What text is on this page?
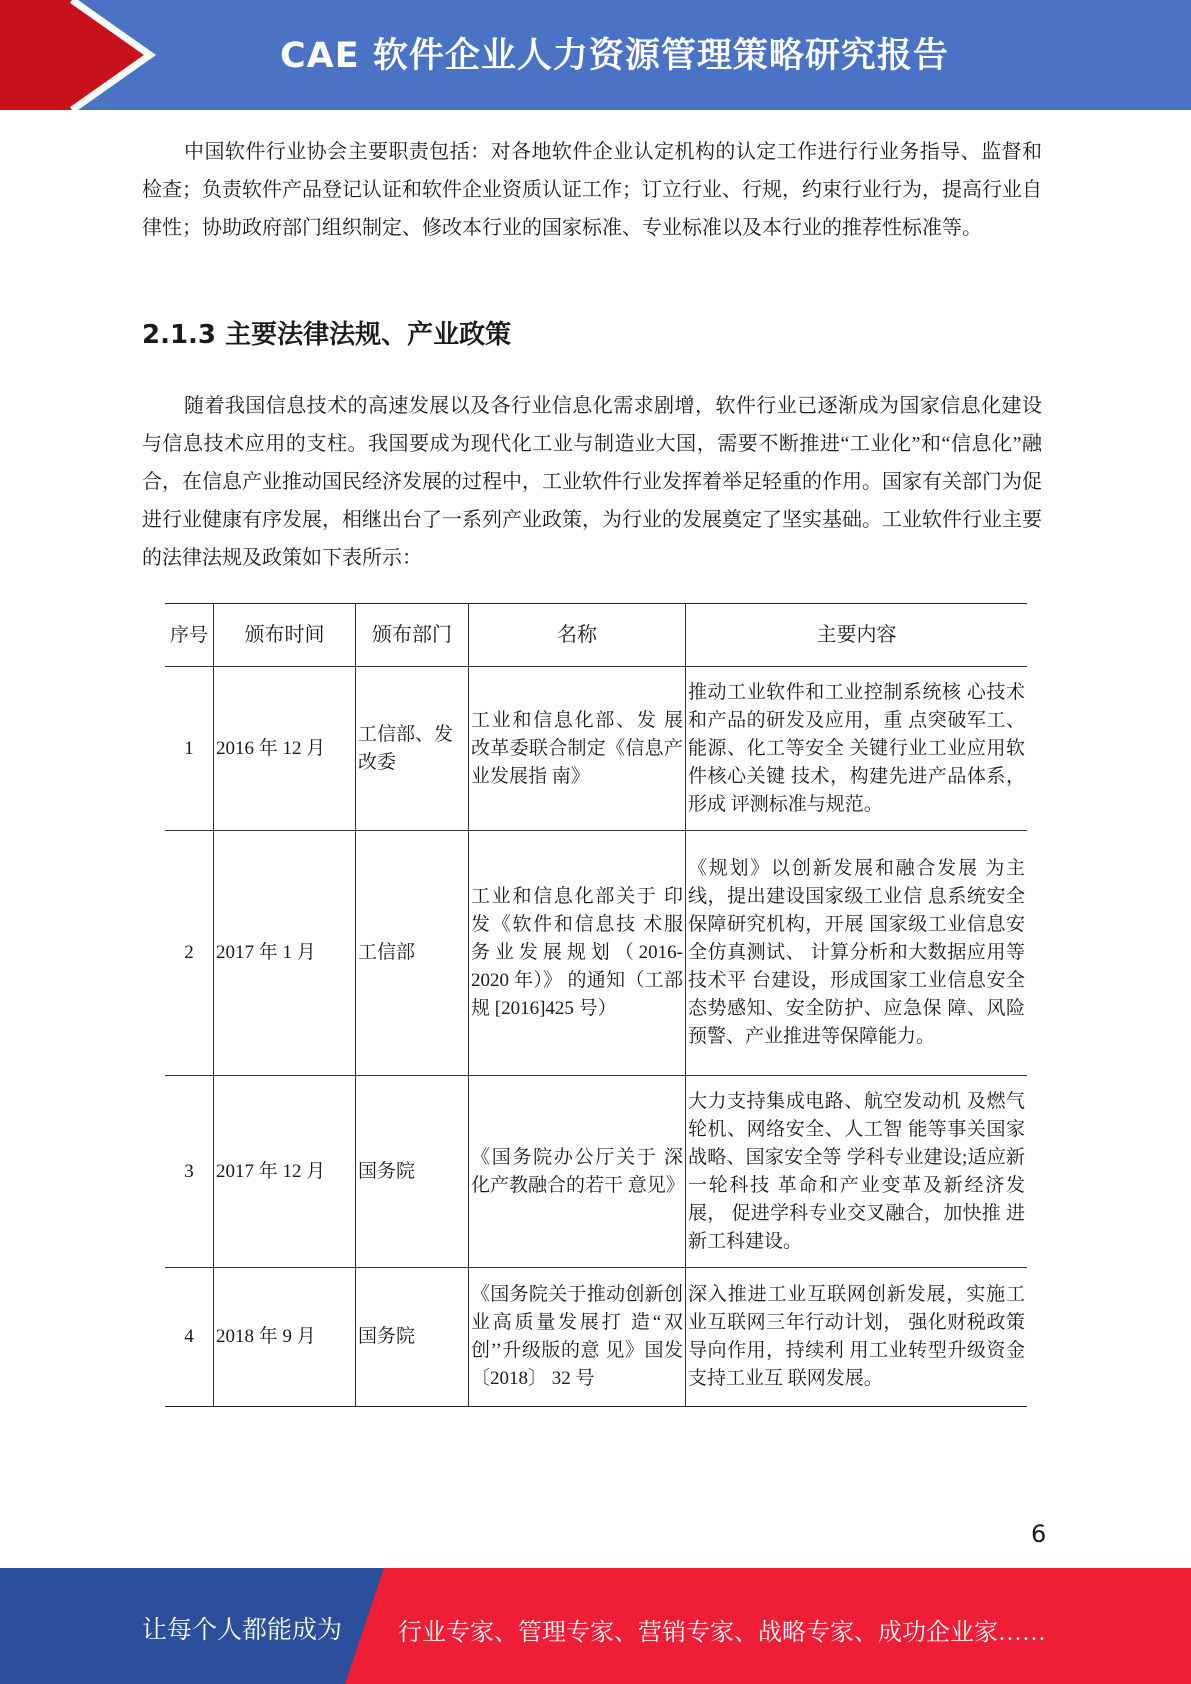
CAE 软件企业人力资源管理策略研究报告

中国软件行业协会主要职责包括：对各地软件企业认定机构的认定工作进行行业务指导、监督和检查；负责软件产品登记认证和软件企业资质认证工作；订立行业、行规，约束行业行为，提高行业自律性；协助政府部门组织制定、修改本行业的国家标准、专业标准以及本行业的推荐性标准等。

2.1.3 主要法律法规、产业政策

随着我国信息技术的高速发展以及各行业信息化需求剧增，软件行业已逐渐成为国家信息化建设与信息技术应用的支柱。我国要成为现代化工业与制造业大国，需要不断推进“工业化”和“信息化”融合，在信息产业推动国民经济发展的过程中，工业软件行业发挥着举足轻重的作用。国家有关部门为促进行业健康有序发展，相继出台了一系列产业政策，为行业的发展奠定了坚实基础。工业软件行业主要的法律法规及政策如下表所示：

序号	颁布时间	颁布部门	名称	主要内容
1	2016 年 12 月	工信部、发改委	工业和信息化部、发 展改革委联合制定《信息产业发展指 南》	推动工业软件和工业控制系统核 心技术和产品的研发及应用，重 点突破军工、能源、化工等安全 关键行业工业应用软件核心关键 技术，构建先进产品体系，形成 评测标准与规范。
2	2017 年 1 月	工信部	工业和信息化部关于 印发《软件和信息技 术服务业发展规划（2016-2020 年）》 的通知（工部规 [2016]425 号）	《规划》以创新发展和融合发展 为主线，提出建设国家级工业信 息系统安全保障研究机构，开展 国家级工业信息安全仿真测试、 计算分析和大数据应用等技术平 台建设，形成国家工业信息安全 态势感知、安全防护、应急保 障、风险预警、产业推进等保障能力。
3	2017 年 12 月	国务院	《国务院办公厅关于 深化产教融合的若干 意见》	大力支持集成电路、航空发动机 及燃气轮机、网络安全、人工智 能等事关国家战略、国家安全等 学科专业建设;适应新一轮科技 革命和产业变革及新经济发展， 促进学科专业交叉融合，加快推 进新工科建设。
4	2018 年 9 月	国务院	《国务院关于推动创新创业高质量发展打 造“双创’’升级版的意 见》国发〔2018〕 32 号	深入推进工业互联网创新发展，实施工业互联网三年行动计划， 强化财税政策导向作用，持续利 用工业转型升级资金支持工业互 联网发展。
6
让每个人都能成为 行业专家、管理专家、营销专家、战略专家、成功企业家……
